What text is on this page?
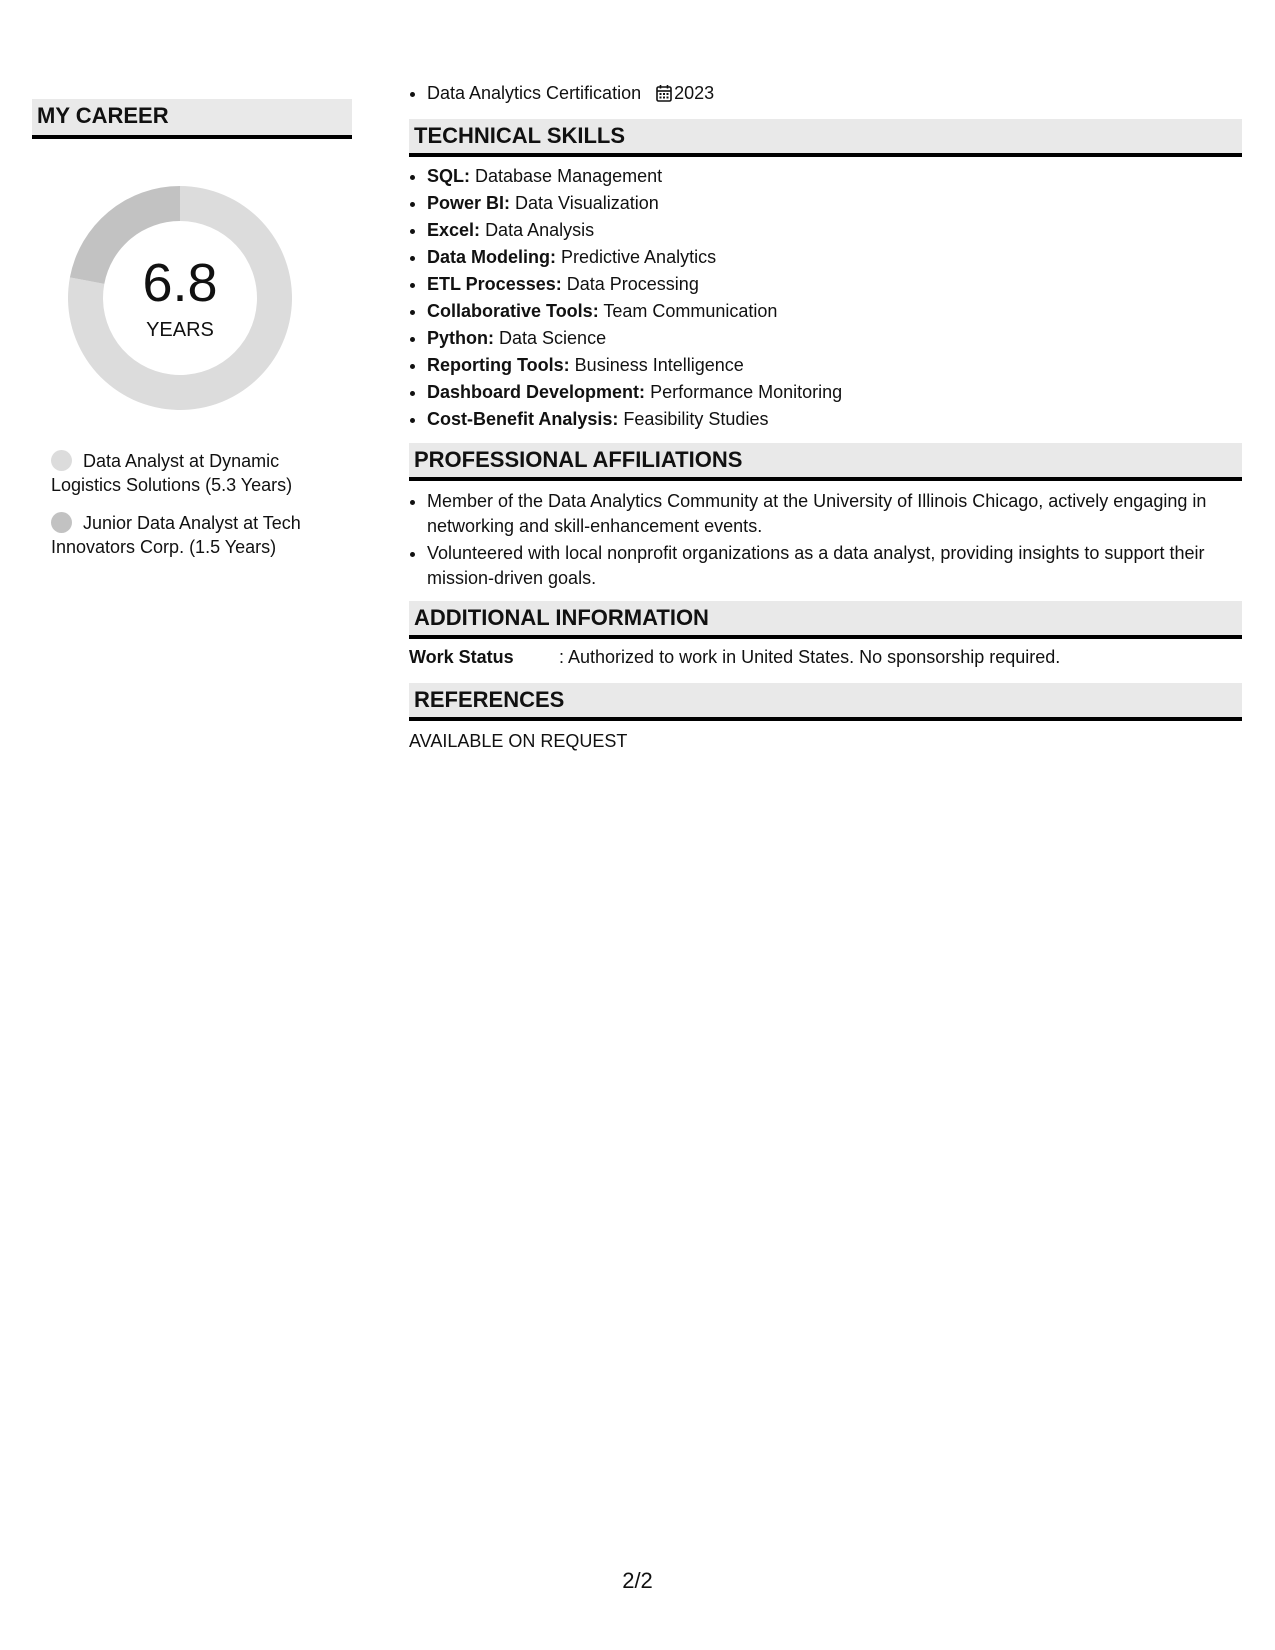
MY CAREER
6.8
YEARS
Data Analyst at Dynamic Logistics Solutions (5.3 Years)
Junior Data Analyst at Tech Innovators Corp. (1.5 Years)
• Data Analytics Certification 2023
TECHNICAL SKILLS
• SQL: Database Management
• Power BI: Data Visualization
• Excel: Data Analysis
• Data Modeling: Predictive Analytics
• ETL Processes: Data Processing
• Collaborative Tools: Team Communication
• Python: Data Science
• Reporting Tools: Business Intelligence
• Dashboard Development: Performance Monitoring
• Cost-Benefit Analysis: Feasibility Studies
PROFESSIONAL AFFILIATIONS
• Member of the Data Analytics Community at the University of Illinois Chicago, actively engaging in networking and skill-enhancement events.
• Volunteered with local nonprofit organizations as a data analyst, providing insights to support their mission-driven goals.
ADDITIONAL INFORMATION
Work Status	: Authorized to work in United States. No sponsorship required.
REFERENCES
AVAILABLE ON REQUEST
2/2
